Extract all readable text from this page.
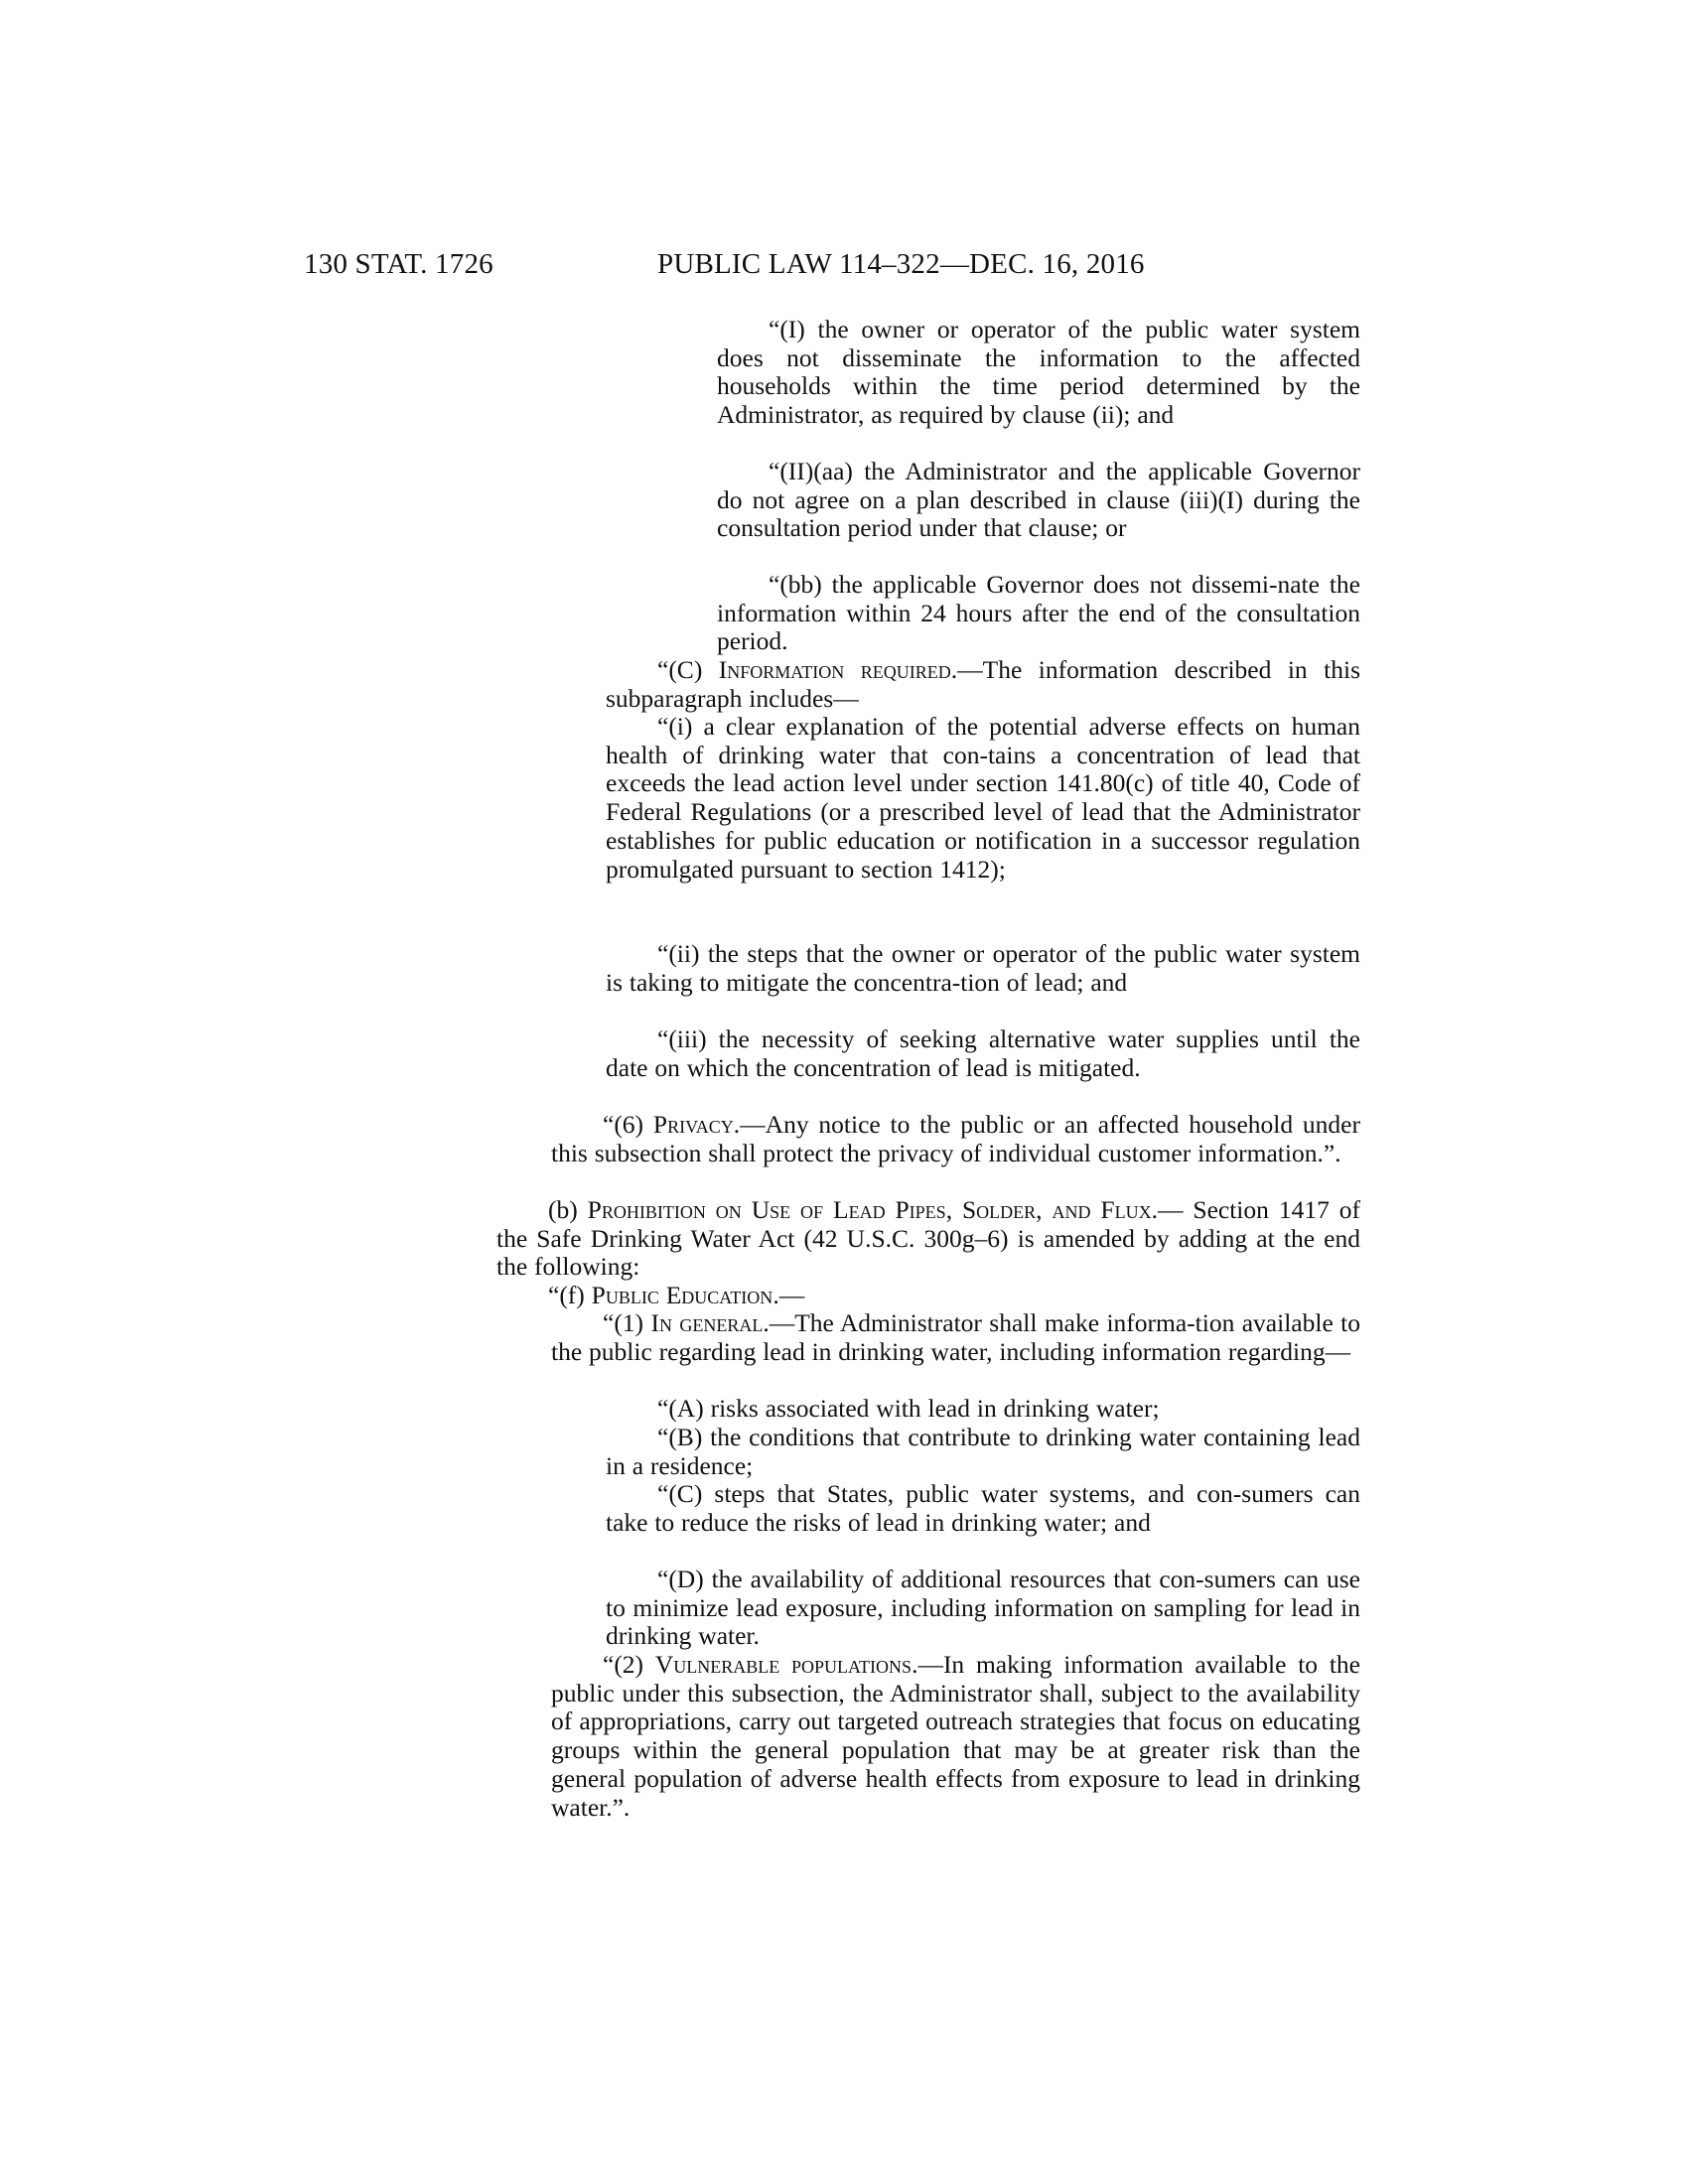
130 STAT. 1726	PUBLIC LAW 114–322—DEC. 16, 2016

“(I) the owner or operator of the public water system does not disseminate the information to the affected households within the time period determined by the Administrator, as required by clause (ii); and

“(II)(aa) the Administrator and the applicable Governor do not agree on a plan described in clause (iii)(I) during the consultation period under that clause; or

“(bb) the applicable Governor does not dissemi-nate the information within 24 hours after the end of the consultation period.

“(C) Information required.—The information described in this subparagraph includes—

“(i) a clear explanation of the potential adverse effects on human health of drinking water that con-tains a concentration of lead that exceeds the lead action level under section 141.80(c) of title 40, Code of Federal Regulations (or a prescribed level of lead that the Administrator establishes for public education or notification in a successor regulation promulgated pursuant to section 1412);

“(ii) the steps that the owner or operator of the public water system is taking to mitigate the concentra-tion of lead; and

“(iii) the necessity of seeking alternative water supplies until the date on which the concentration of lead is mitigated.

“(6) Privacy.—Any notice to the public or an affected household under this subsection shall protect the privacy of individual customer information.”.

(b) Prohibition on Use of Lead Pipes, Solder, and Flux.— Section 1417 of the Safe Drinking Water Act (42 U.S.C. 300g–6) is amended by adding at the end the following:

“(f) Public Education.—

“(1) In general.—The Administrator shall make informa-tion available to the public regarding lead in drinking water, including information regarding—

“(A) risks associated with lead in drinking water;

“(B) the conditions that contribute to drinking water containing lead in a residence;

“(C) steps that States, public water systems, and con-sumers can take to reduce the risks of lead in drinking water; and

“(D) the availability of additional resources that con-sumers can use to minimize lead exposure, including information on sampling for lead in drinking water.

“(2) Vulnerable populations.—In making information available to the public under this subsection, the Administrator shall, subject to the availability of appropriations, carry out targeted outreach strategies that focus on educating groups within the general population that may be at greater risk than the general population of adverse health effects from exposure to lead in drinking water.”.
